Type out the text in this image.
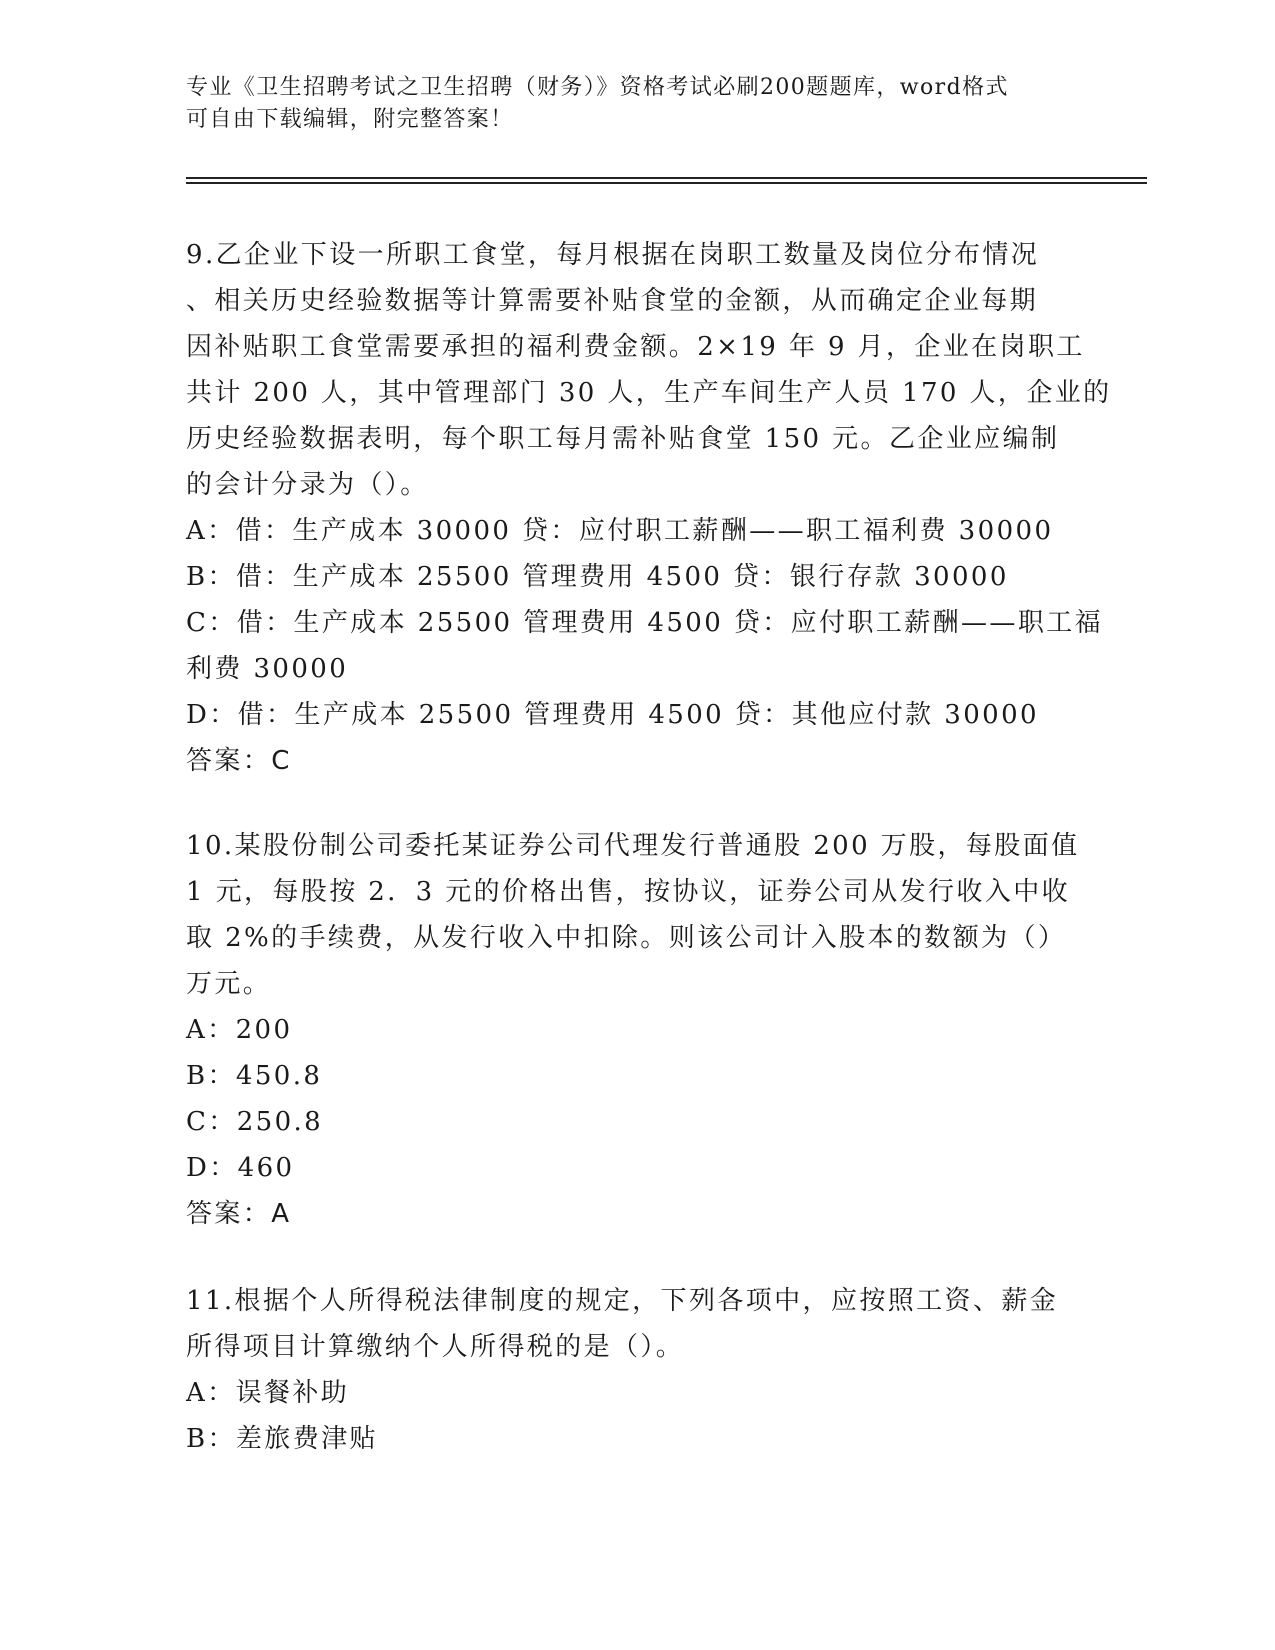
专业《卫生招聘考试之卫生招聘（财务）》资格考试必刷200题题库，word格式
可自由下载编辑，附完整答案！
9.乙企业下设一所职工食堂，每月根据在岗职工数量及岗位分布情况
、相关历史经验数据等计算需要补贴食堂的金额，从而确定企业每期
因补贴职工食堂需要承担的福利费金额。2×19 年 9 月，企业在岗职工
共计 200 人，其中管理部门 30 人，生产车间生产人员 170 人，企业的
历史经验数据表明，每个职工每月需补贴食堂 150 元。乙企业应编制
的会计分录为（）。
A：借：生产成本 30000 贷：应付职工薪酬——职工福利费 30000
B：借：生产成本 25500 管理费用 4500 贷：银行存款 30000
C：借：生产成本 25500 管理费用 4500 贷：应付职工薪酬——职工福
利费 30000
D：借：生产成本 25500 管理费用 4500 贷：其他应付款 30000
答案：C
10.某股份制公司委托某证券公司代理发行普通股 200 万股，每股面值
1 元，每股按 2．3 元的价格出售，按协议，证券公司从发行收入中收
取 2%的手续费，从发行收入中扣除。则该公司计入股本的数额为（）
万元。
A：200
B：450.8
C：250.8
D：460
答案：A
11.根据个人所得税法律制度的规定，下列各项中，应按照工资、薪金
所得项目计算缴纳个人所得税的是（）。
A：误餐补助
B：差旅费津贴
